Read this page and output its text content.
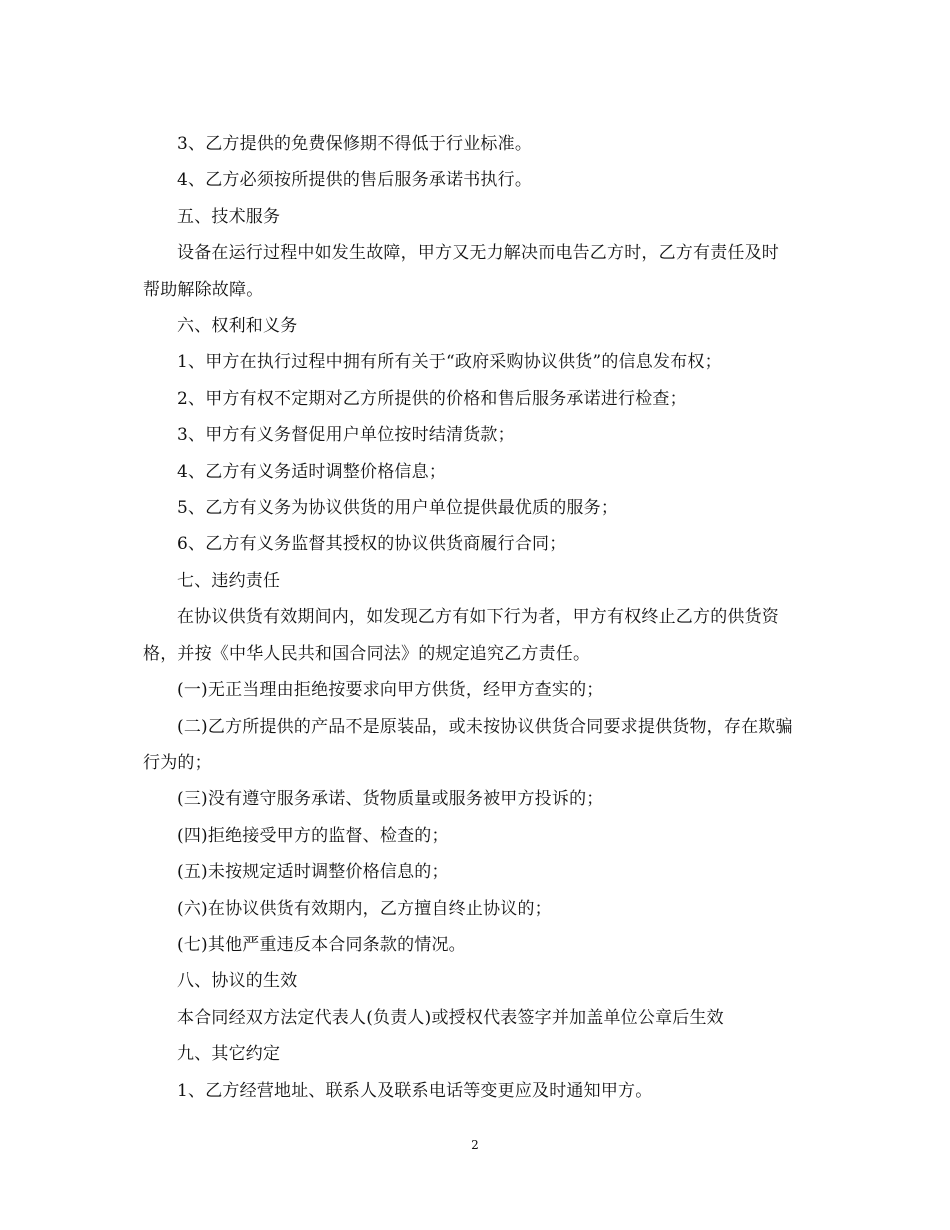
3、乙方提供的免费保修期不得低于行业标准。

4、乙方必须按所提供的售后服务承诺书执行。

五、技术服务

设备在运行过程中如发生故障，甲方又无力解决而电告乙方时，乙方有责任及时帮助解除故障。

六、权利和义务

1、甲方在执行过程中拥有所有关于“政府采购协议供货”的信息发布权；

2、甲方有权不定期对乙方所提供的价格和售后服务承诺进行检查；

3、甲方有义务督促用户单位按时结清货款；

4、乙方有义务适时调整价格信息；

5、乙方有义务为协议供货的用户单位提供最优质的服务；

6、乙方有义务监督其授权的协议供货商履行合同；

七、违约责任

在协议供货有效期间内，如发现乙方有如下行为者，甲方有权终止乙方的供货资格，并按《中华人民共和国合同法》的规定追究乙方责任。

(一)无正当理由拒绝按要求向甲方供货，经甲方查实的；

(二)乙方所提供的产品不是原装品，或未按协议供货合同要求提供货物，存在欺骗行为的；

(三)没有遵守服务承诺、货物质量或服务被甲方投诉的；

(四)拒绝接受甲方的监督、检查的；

(五)未按规定适时调整价格信息的；

(六)在协议供货有效期内，乙方擅自终止协议的；

(七)其他严重违反本合同条款的情况。

八、协议的生效

本合同经双方法定代表人(负责人)或授权代表签字并加盖单位公章后生效

九、其它约定

1、乙方经营地址、联系人及联系电话等变更应及时通知甲方。

2
